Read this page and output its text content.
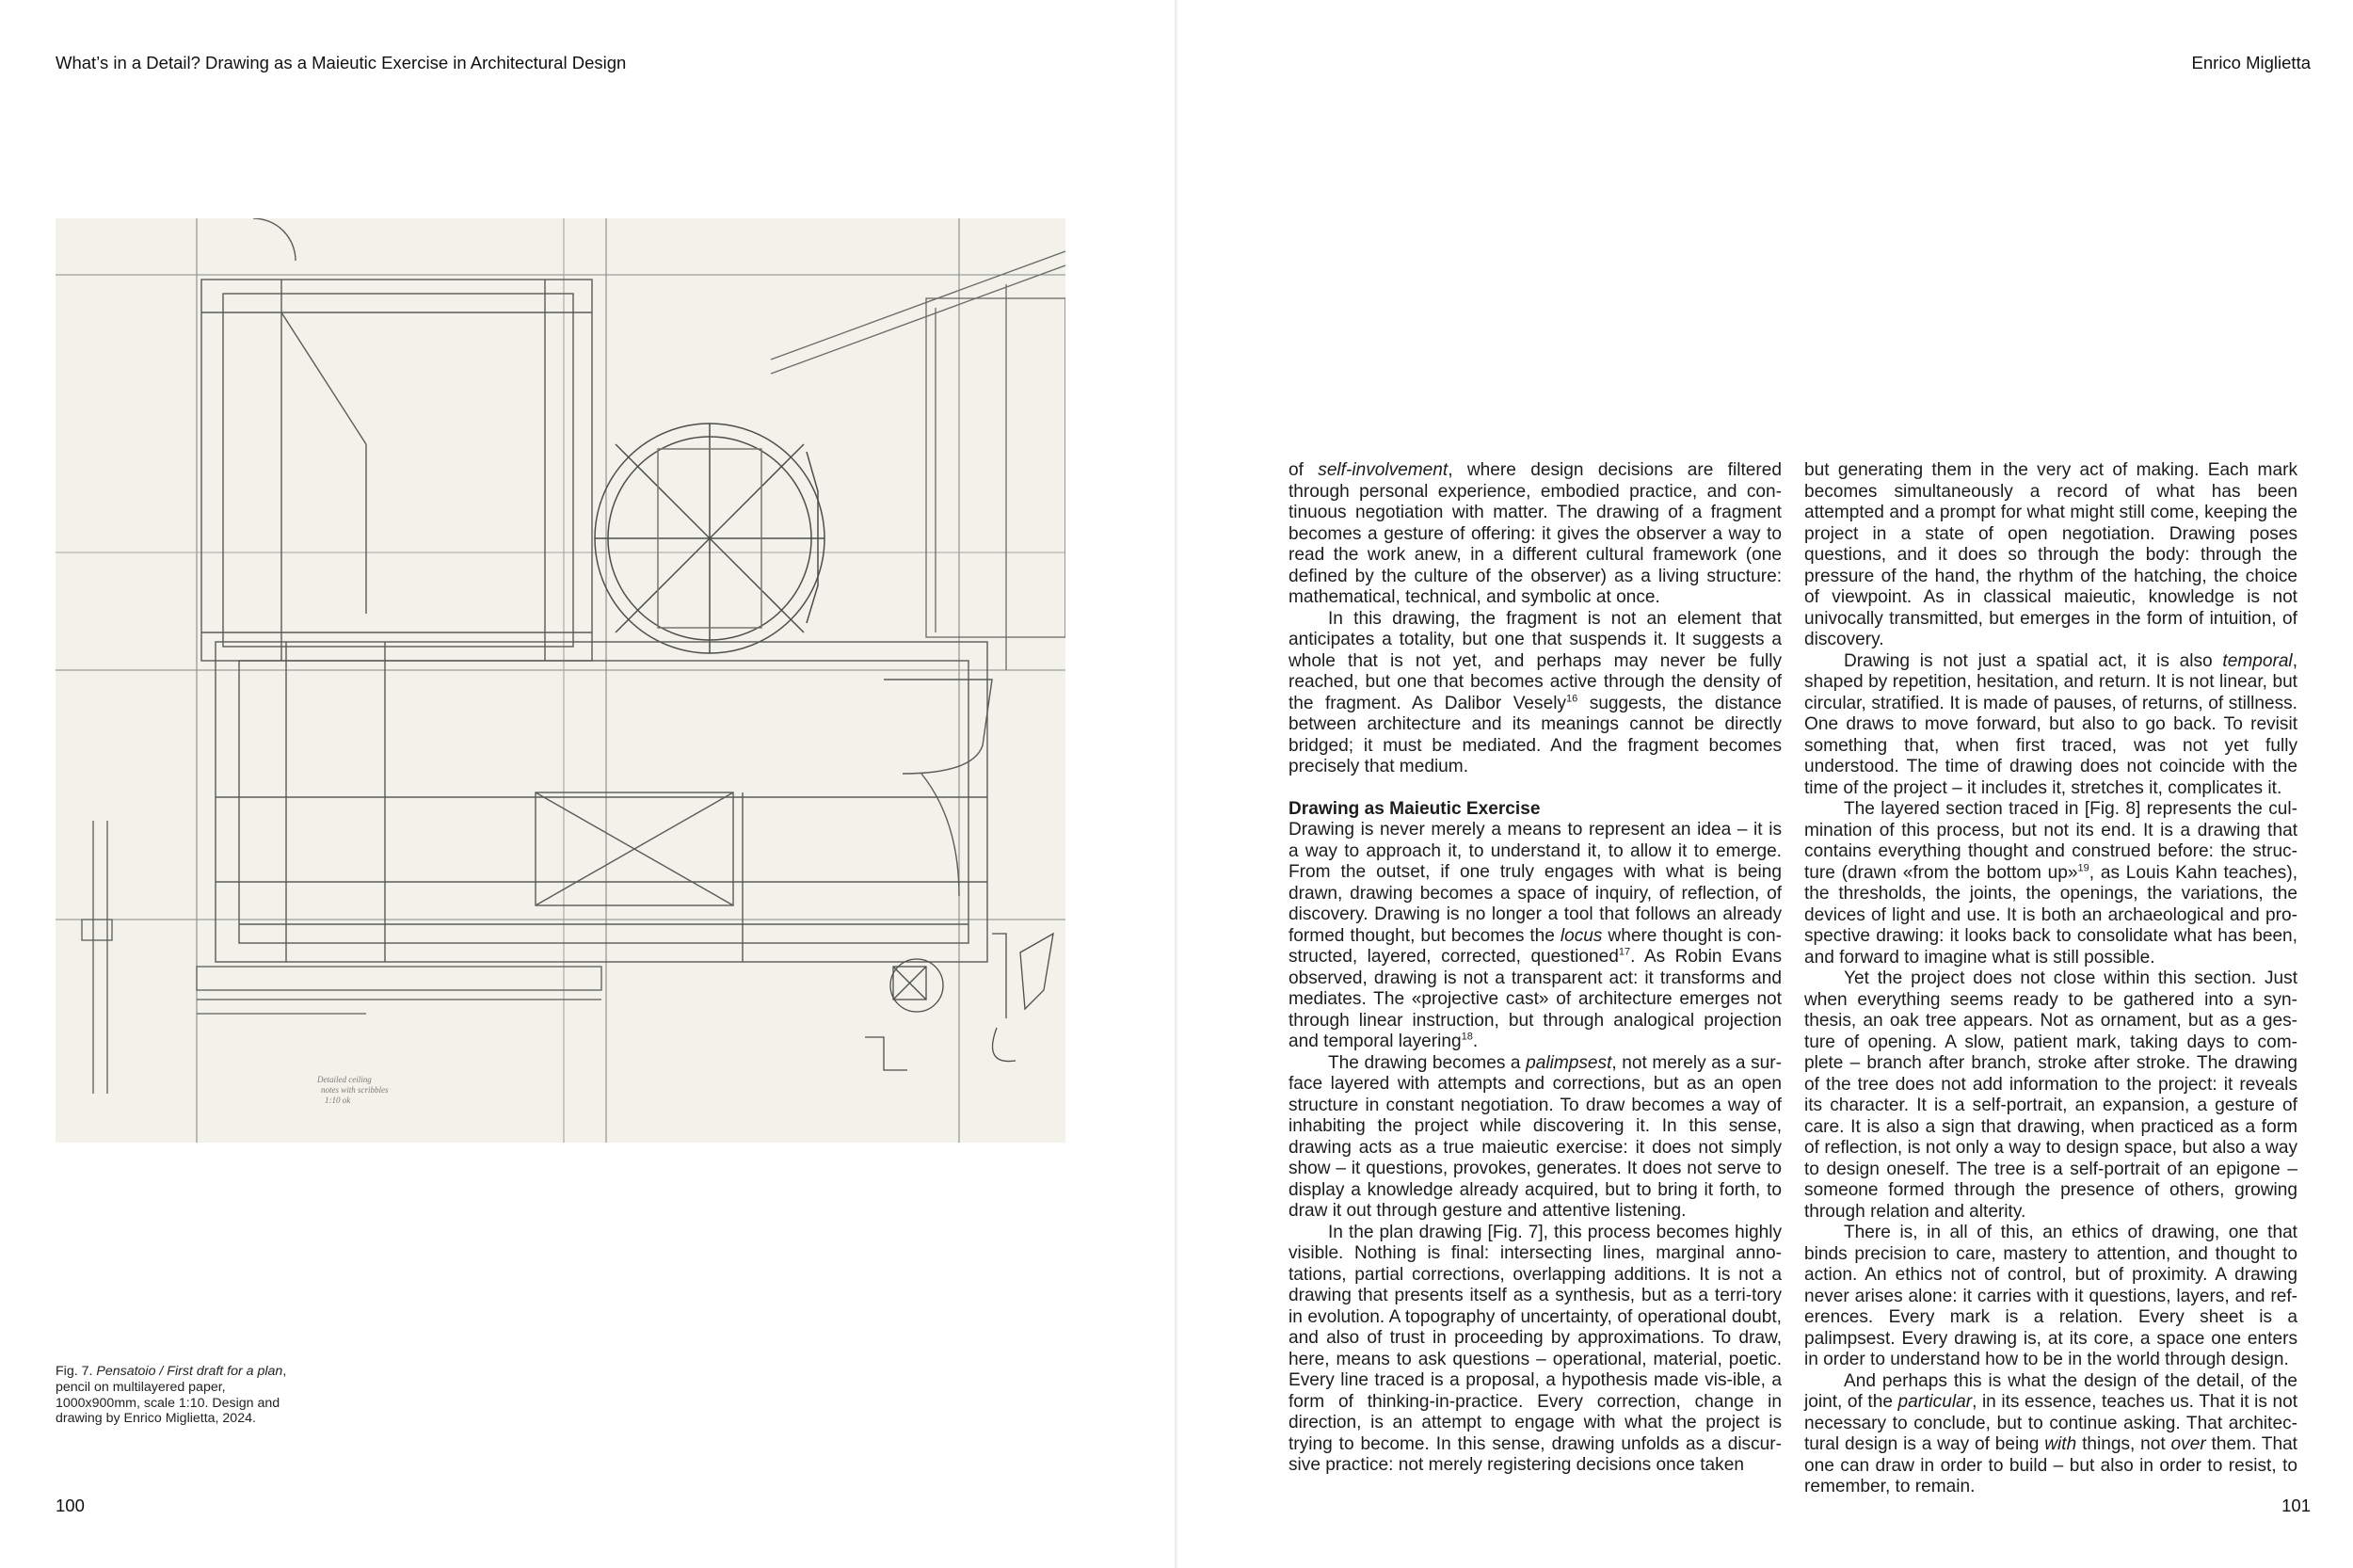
What’s in a Detail? Drawing as a Maieutic Exercise in Architectural Design
Detailed ceiling
notes with scribbles
1:10 ok
Fig. 7. Pensatoio / First draft for a plan, pencil on multilayered paper, 1000x900mm, scale 1:10. Design and drawing by Enrico Miglietta, 2024.
100
Enrico Miglietta

of self-involvement, where design decisions are filtered through personal experience, embodied practice, and con-tinuous negotiation with matter. The drawing of a fragment becomes a gesture of offering: it gives the observer a way to read the work anew, in a different cultural framework (one defined by the culture of the observer) as a living structure: mathematical, technical, and symbolic at once.

In this drawing, the fragment is not an element that anticipates a totality, but one that suspends it. It suggests a whole that is not yet, and perhaps may never be fully reached, but one that becomes active through the density of the fragment. As Dalibor Vesely$^{16}$ suggests, the distance between architecture and its meanings cannot be directly bridged; it must be mediated. And the fragment becomes precisely that medium.

Drawing as Maieutic Exercise

Drawing is never merely a means to represent an idea – it is a way to approach it, to understand it, to allow it to emerge. From the outset, if one truly engages with what is being drawn, drawing becomes a space of inquiry, of reflection, of discovery. Drawing is no longer a tool that follows an already formed thought, but becomes the locus where thought is con-structed, layered, corrected, questioned$^{17}$. As Robin Evans observed, drawing is not a transparent act: it transforms and mediates. The «projective cast» of architecture emerges not through linear instruction, but through analogical projection and temporal layering$^{18}$.

The drawing becomes a palimpsest, not merely as a sur-face layered with attempts and corrections, but as an open structure in constant negotiation. To draw becomes a way of inhabiting the project while discovering it. In this sense, drawing acts as a true maieutic exercise: it does not simply show – it questions, provokes, generates. It does not serve to display a knowledge already acquired, but to bring it forth, to draw it out through gesture and attentive listening.

In the plan drawing [Fig. 7], this process becomes highly visible. Nothing is final: intersecting lines, marginal anno-tations, partial corrections, overlapping additions. It is not a drawing that presents itself as a synthesis, but as a terri-tory in evolution. A topography of uncertainty, of operational doubt, and also of trust in proceeding by approximations. To draw, here, means to ask questions – operational, material, poetic. Every line traced is a proposal, a hypothesis made vis-ible, a form of thinking-in-practice. Every correction, change in direction, is an attempt to engage with what the project is trying to become. In this sense, drawing unfolds as a discur-sive practice: not merely registering decisions once taken

but generating them in the very act of making. Each mark becomes simultaneously a record of what has been attempted and a prompt for what might still come, keeping the project in a state of open negotiation. Drawing poses questions, and it does so through the body: through the pressure of the hand, the rhythm of the hatching, the choice of viewpoint. As in classical maieutic, knowledge is not univocally transmitted, but emerges in the form of intuition, of discovery.

Drawing is not just a spatial act, it is also temporal, shaped by repetition, hesitation, and return. It is not linear, but circular, stratified. It is made of pauses, of returns, of stillness. One draws to move forward, but also to go back. To revisit something that, when first traced, was not yet fully understood. The time of drawing does not coincide with the time of the project – it includes it, stretches it, complicates it.

The layered section traced in [Fig. 8] represents the cul-mination of this process, but not its end. It is a drawing that contains everything thought and construed before: the struc-ture (drawn «from the bottom up»$^{19}$, as Louis Kahn teaches), the thresholds, the joints, the openings, the variations, the devices of light and use. It is both an archaeological and pro-spective drawing: it looks back to consolidate what has been, and forward to imagine what is still possible.

Yet the project does not close within this section. Just when everything seems ready to be gathered into a syn-thesis, an oak tree appears. Not as ornament, but as a ges-ture of opening. A slow, patient mark, taking days to com-plete – branch after branch, stroke after stroke. The drawing of the tree does not add information to the project: it reveals its character. It is a self-portrait, an expansion, a gesture of care. It is also a sign that drawing, when practiced as a form of reflection, is not only a way to design space, but also a way to design oneself. The tree is a self-portrait of an epigone – someone formed through the presence of others, growing through relation and alterity.

There is, in all of this, an ethics of drawing, one that binds precision to care, mastery to attention, and thought to action. An ethics not of control, but of proximity. A drawing never arises alone: it carries with it questions, layers, and ref-erences. Every mark is a relation. Every sheet is a palimpsest. Every drawing is, at its core, a space one enters in order to understand how to be in the world through design.

And perhaps this is what the design of the detail, of the joint, of the particular, in its essence, teaches us. That it is not necessary to conclude, but to continue asking. That architec-tural design is a way of being with things, not over them. That one can draw in order to build – but also in order to resist, to remember, to remain.

101
